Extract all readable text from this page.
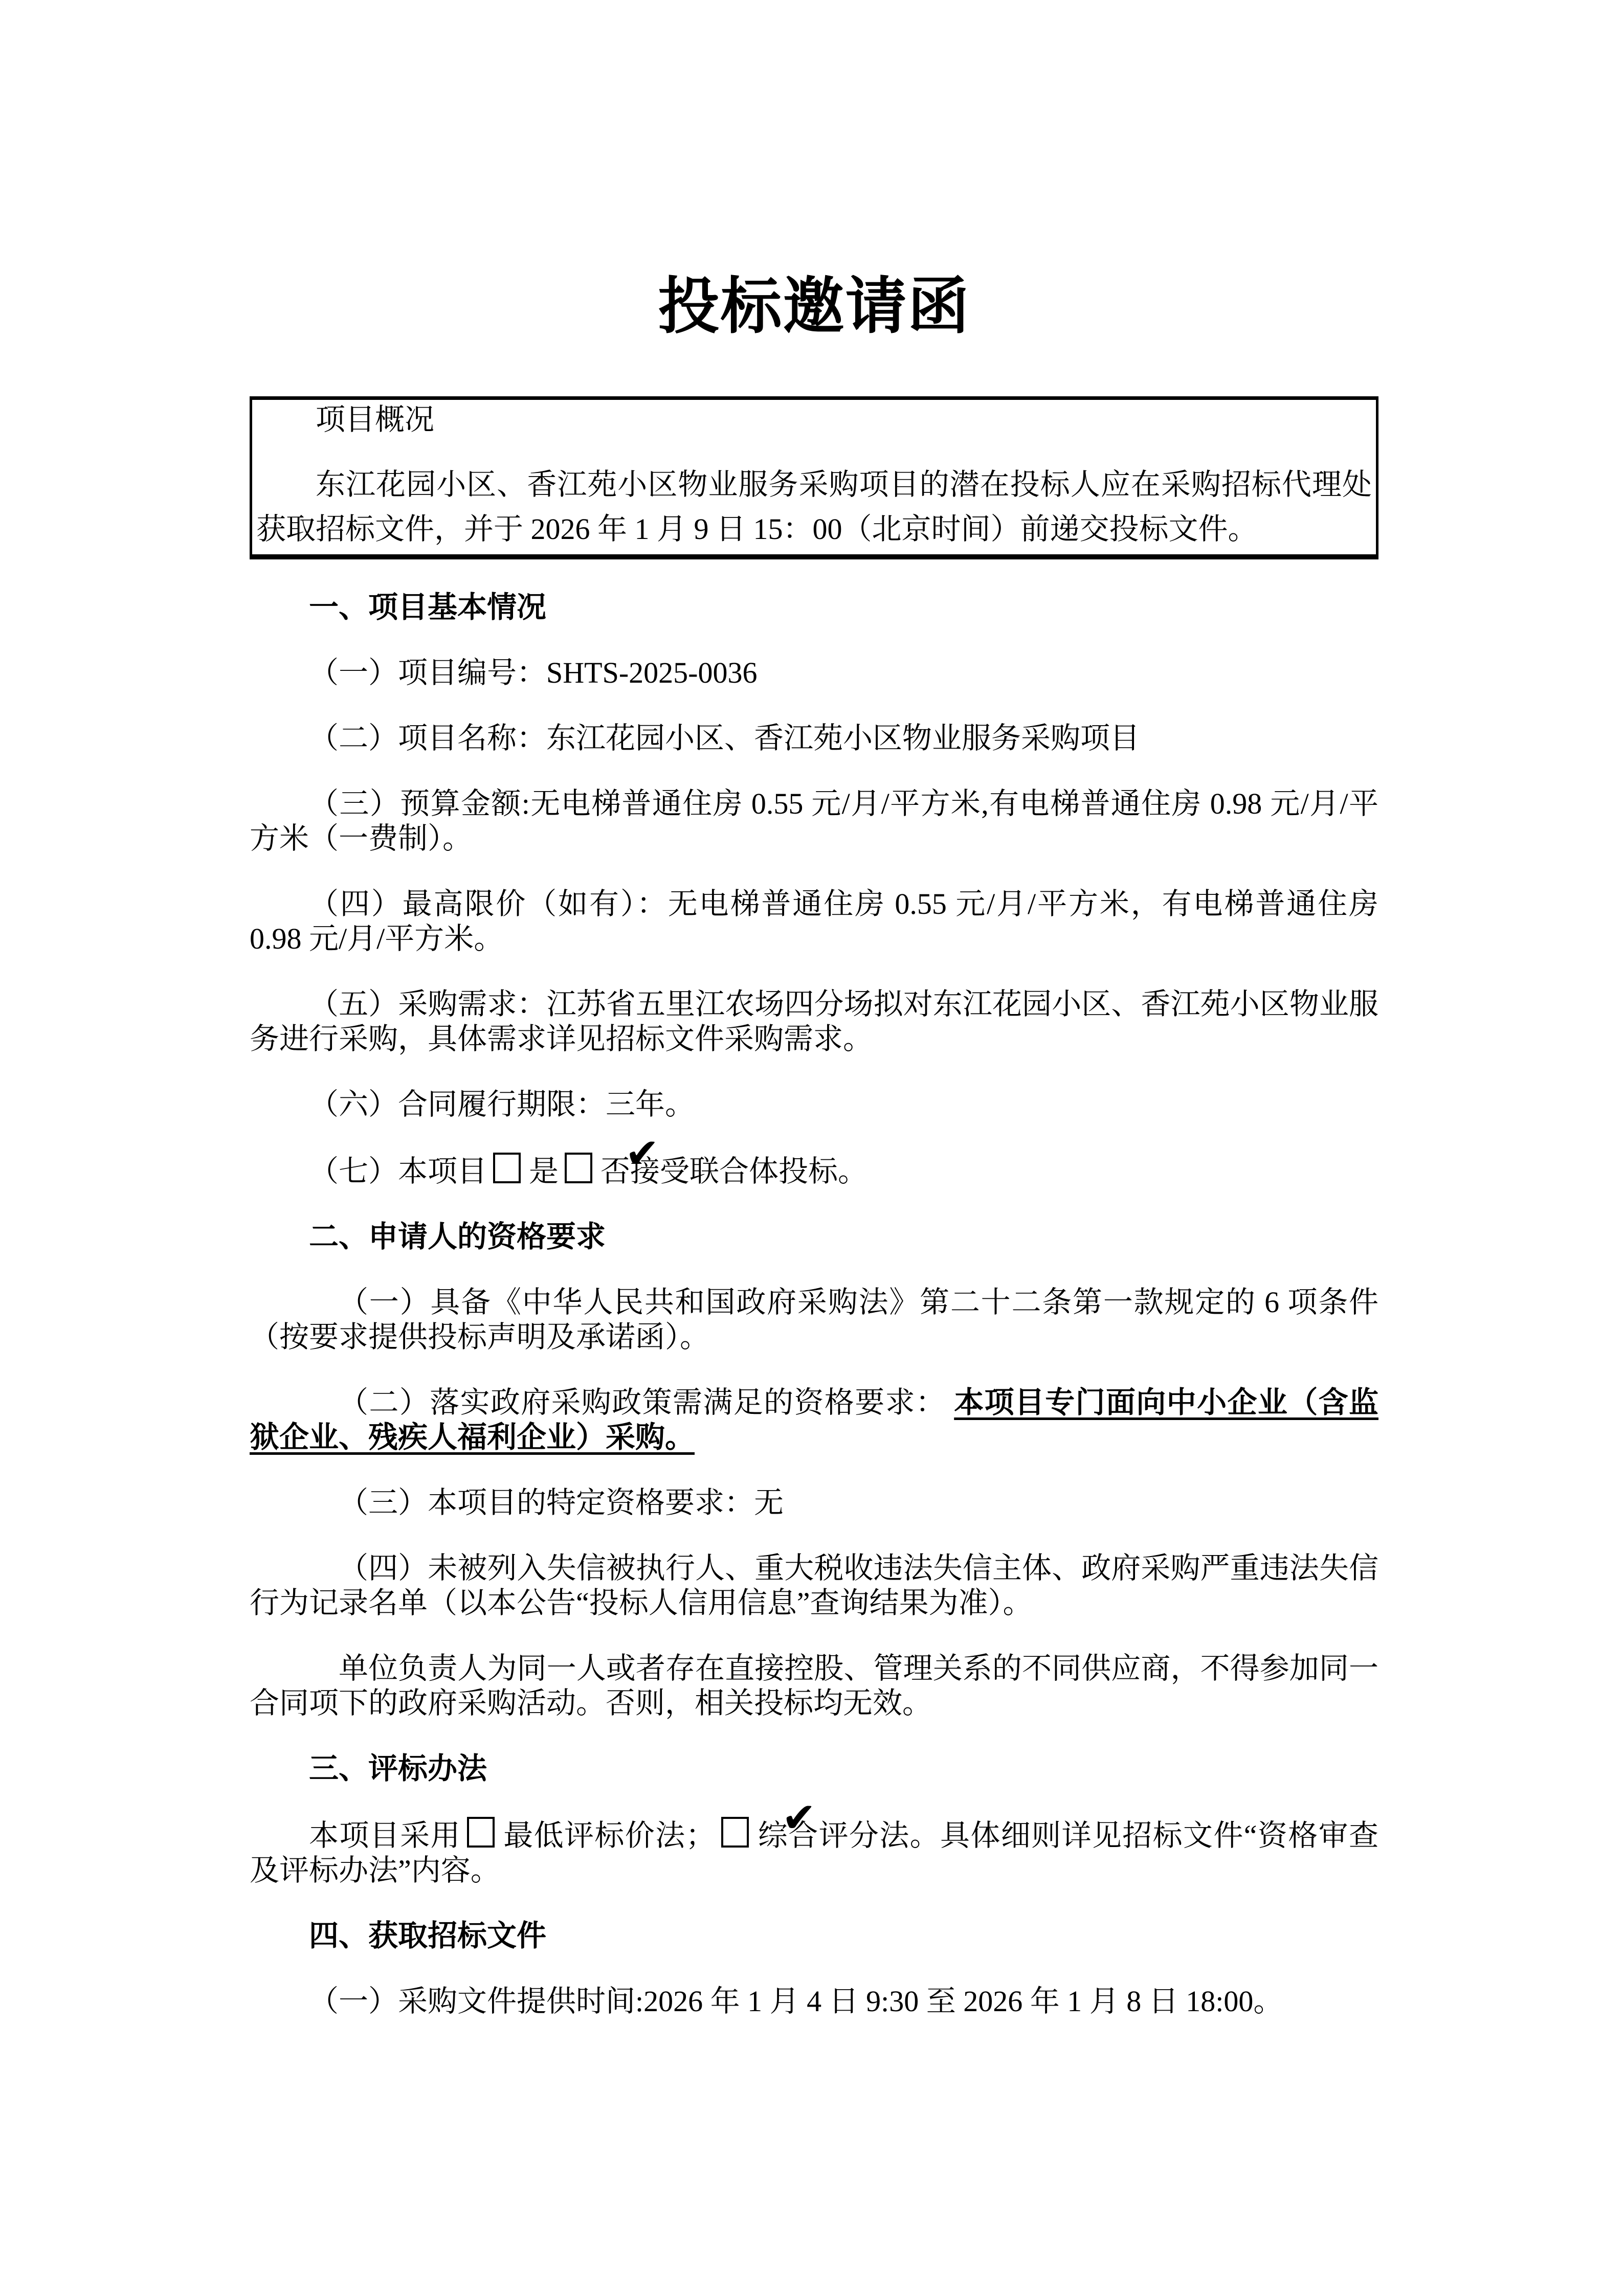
投标邀请函

项目概况

东江花园小区、香江苑小区物业服务采购项目的潜在投标人应在采购招标代理处获取招标文件，并于 2026 年 1 月 9 日 15：00（北京时间）前递交投标文件。

一、项目基本情况

（一）项目编号：SHTS-2025-0036

（二）项目名称：东江花园小区、香江苑小区物业服务采购项目

（三）预算金额:无电梯普通住房 0.55 元/月/平方米,有电梯普通住房 0.98 元/月/平方米（一费制）。

（四）最高限价（如有）：无电梯普通住房 0.55 元/月/平方米，有电梯普通住房 0.98 元/月/平方米。

（五）采购需求：江苏省五里江农场四分场拟对东江花园小区、香江苑小区物业服务进行采购，具体需求详见招标文件采购需求。

（六）合同履行期限：三年。

（七）本项目 是 ✔ 否接受联合体投标。

二、申请人的资格要求

（一）具备《中华人民共和国政府采购法》第二十二条第一款规定的 6 项条件（按要求提供投标声明及承诺函）。

（二）落实政府采购政策需满足的资格要求： 本项目专门面向中小企业（含监狱企业、残疾人福利企业）采购。

（三）本项目的特定资格要求：无

（四）未被列入失信被执行人、重大税收违法失信主体、政府采购严重违法失信行为记录名单（以本公告“投标人信用信息”查询结果为准）。

单位负责人为同一人或者存在直接控股、管理关系的不同供应商，不得参加同一合同项下的政府采购活动。否则，相关投标均无效。

三、评标办法

本项目采用 最低评标价法； ✔ 综合评分法。具体细则详见招标文件“资格审查及评标办法”内容。

四、获取招标文件

（一）采购文件提供时间:2026 年 1 月 4 日 9:30 至 2026 年 1 月 8 日 18:00。
